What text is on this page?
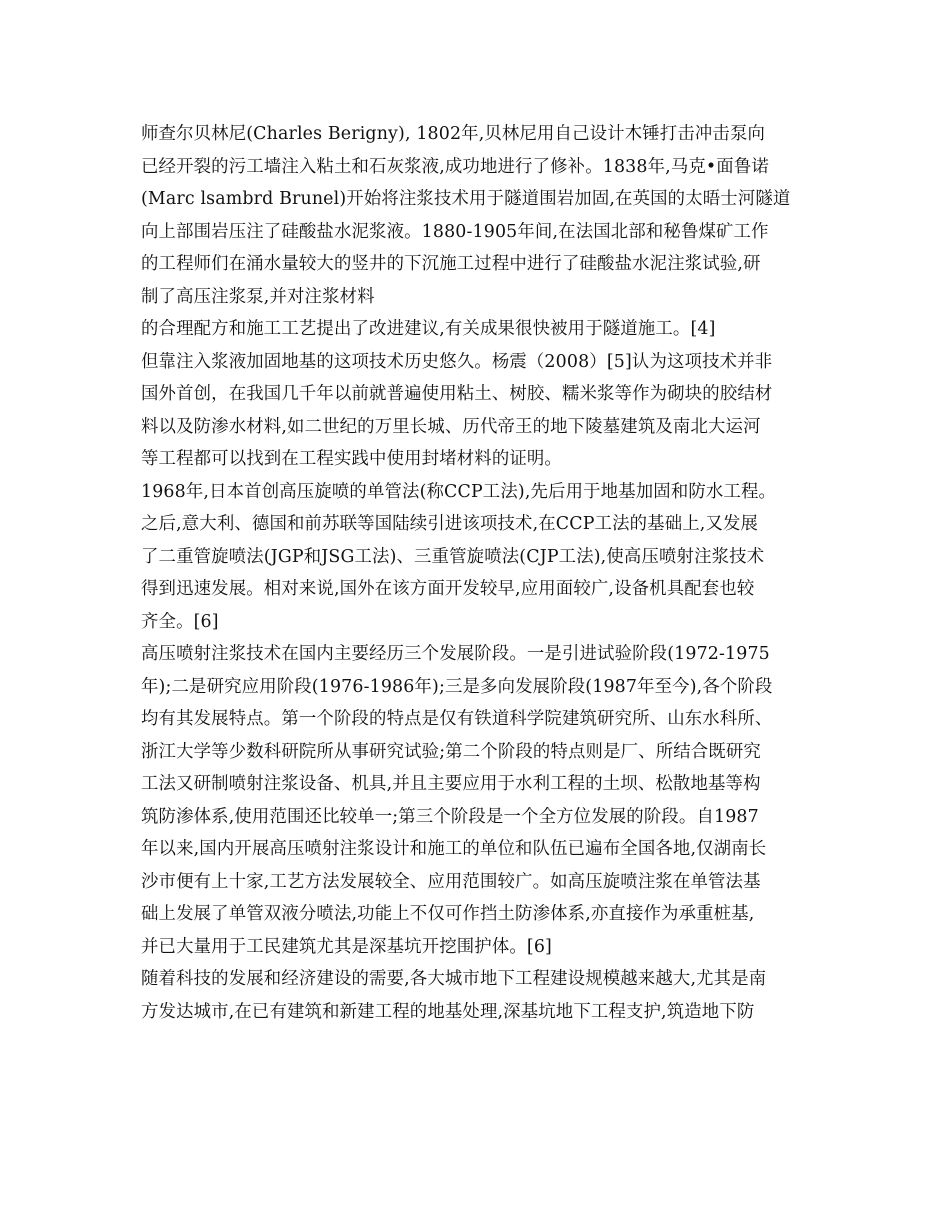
师查尔贝林尼(Charles Berigny), 1802年,贝林尼用自己设计木锤打击冲击泵向
已经开裂的污工墙注入粘土和石灰浆液,成功地进行了修补。1838年,马克•面鲁诺
(Marc lsambrd Brunel)开始将注浆技术用于隧道围岩加固,在英国的太晤士河隧道
向上部围岩压注了硅酸盐水泥浆液。1880-1905年间,在法国北部和秘鲁煤矿工作
的工程师们在涌水量较大的竖井的下沉施工过程中进行了硅酸盐水泥注浆试验,研
制了高压注浆泵,并对注浆材料
的合理配方和施工工艺提出了改进建议,有关成果很快被用于隧道施工。[4]
但靠注入浆液加固地基的这项技术历史悠久。杨震（2008）[5]认为这项技术并非
国外首创，在我国几千年以前就普遍使用粘土、树胶、糯米浆等作为砌块的胶结材
料以及防渗水材料,如二世纪的万里长城、历代帝王的地下陵墓建筑及南北大运河
等工程都可以找到在工程实践中使用封堵材料的证明。
1968年,日本首创高压旋喷的单管法(称CCP工法),先后用于地基加固和防水工程。
之后,意大利、德国和前苏联等国陆续引进该项技术,在CCP工法的基础上,又发展
了二重管旋喷法(JGP和JSG工法)、三重管旋喷法(CJP工法),使高压喷射注浆技术
得到迅速发展。相对来说,国外在该方面开发较早,应用面较广,设备机具配套也较
齐全。[6]
高压喷射注浆技术在国内主要经历三个发展阶段。一是引进试验阶段(1972-1975
年);二是研究应用阶段(1976-1986年);三是多向发展阶段(1987年至今),各个阶段
均有其发展特点。第一个阶段的特点是仅有铁道科学院建筑研究所、山东水科所、
浙江大学等少数科研院所从事研究试验;第二个阶段的特点则是厂、所结合既研究
工法又研制喷射注浆设备、机具,并且主要应用于水利工程的土坝、松散地基等构
筑防渗体系,使用范围还比较单一;第三个阶段是一个全方位发展的阶段。自1987
年以来,国内开展高压喷射注浆设计和施工的单位和队伍已遍布全国各地,仅湖南长
沙市便有上十家,工艺方法发展较全、应用范围较广。如高压旋喷注浆在单管法基
础上发展了单管双液分喷法,功能上不仅可作挡土防渗体系,亦直接作为承重桩基,
并已大量用于工民建筑尤其是深基坑开挖围护体。[6]
随着科技的发展和经济建设的需要,各大城市地下工程建设规模越来越大,尤其是南
方发达城市,在已有建筑和新建工程的地基处理,深基坑地下工程支护,筑造地下防
